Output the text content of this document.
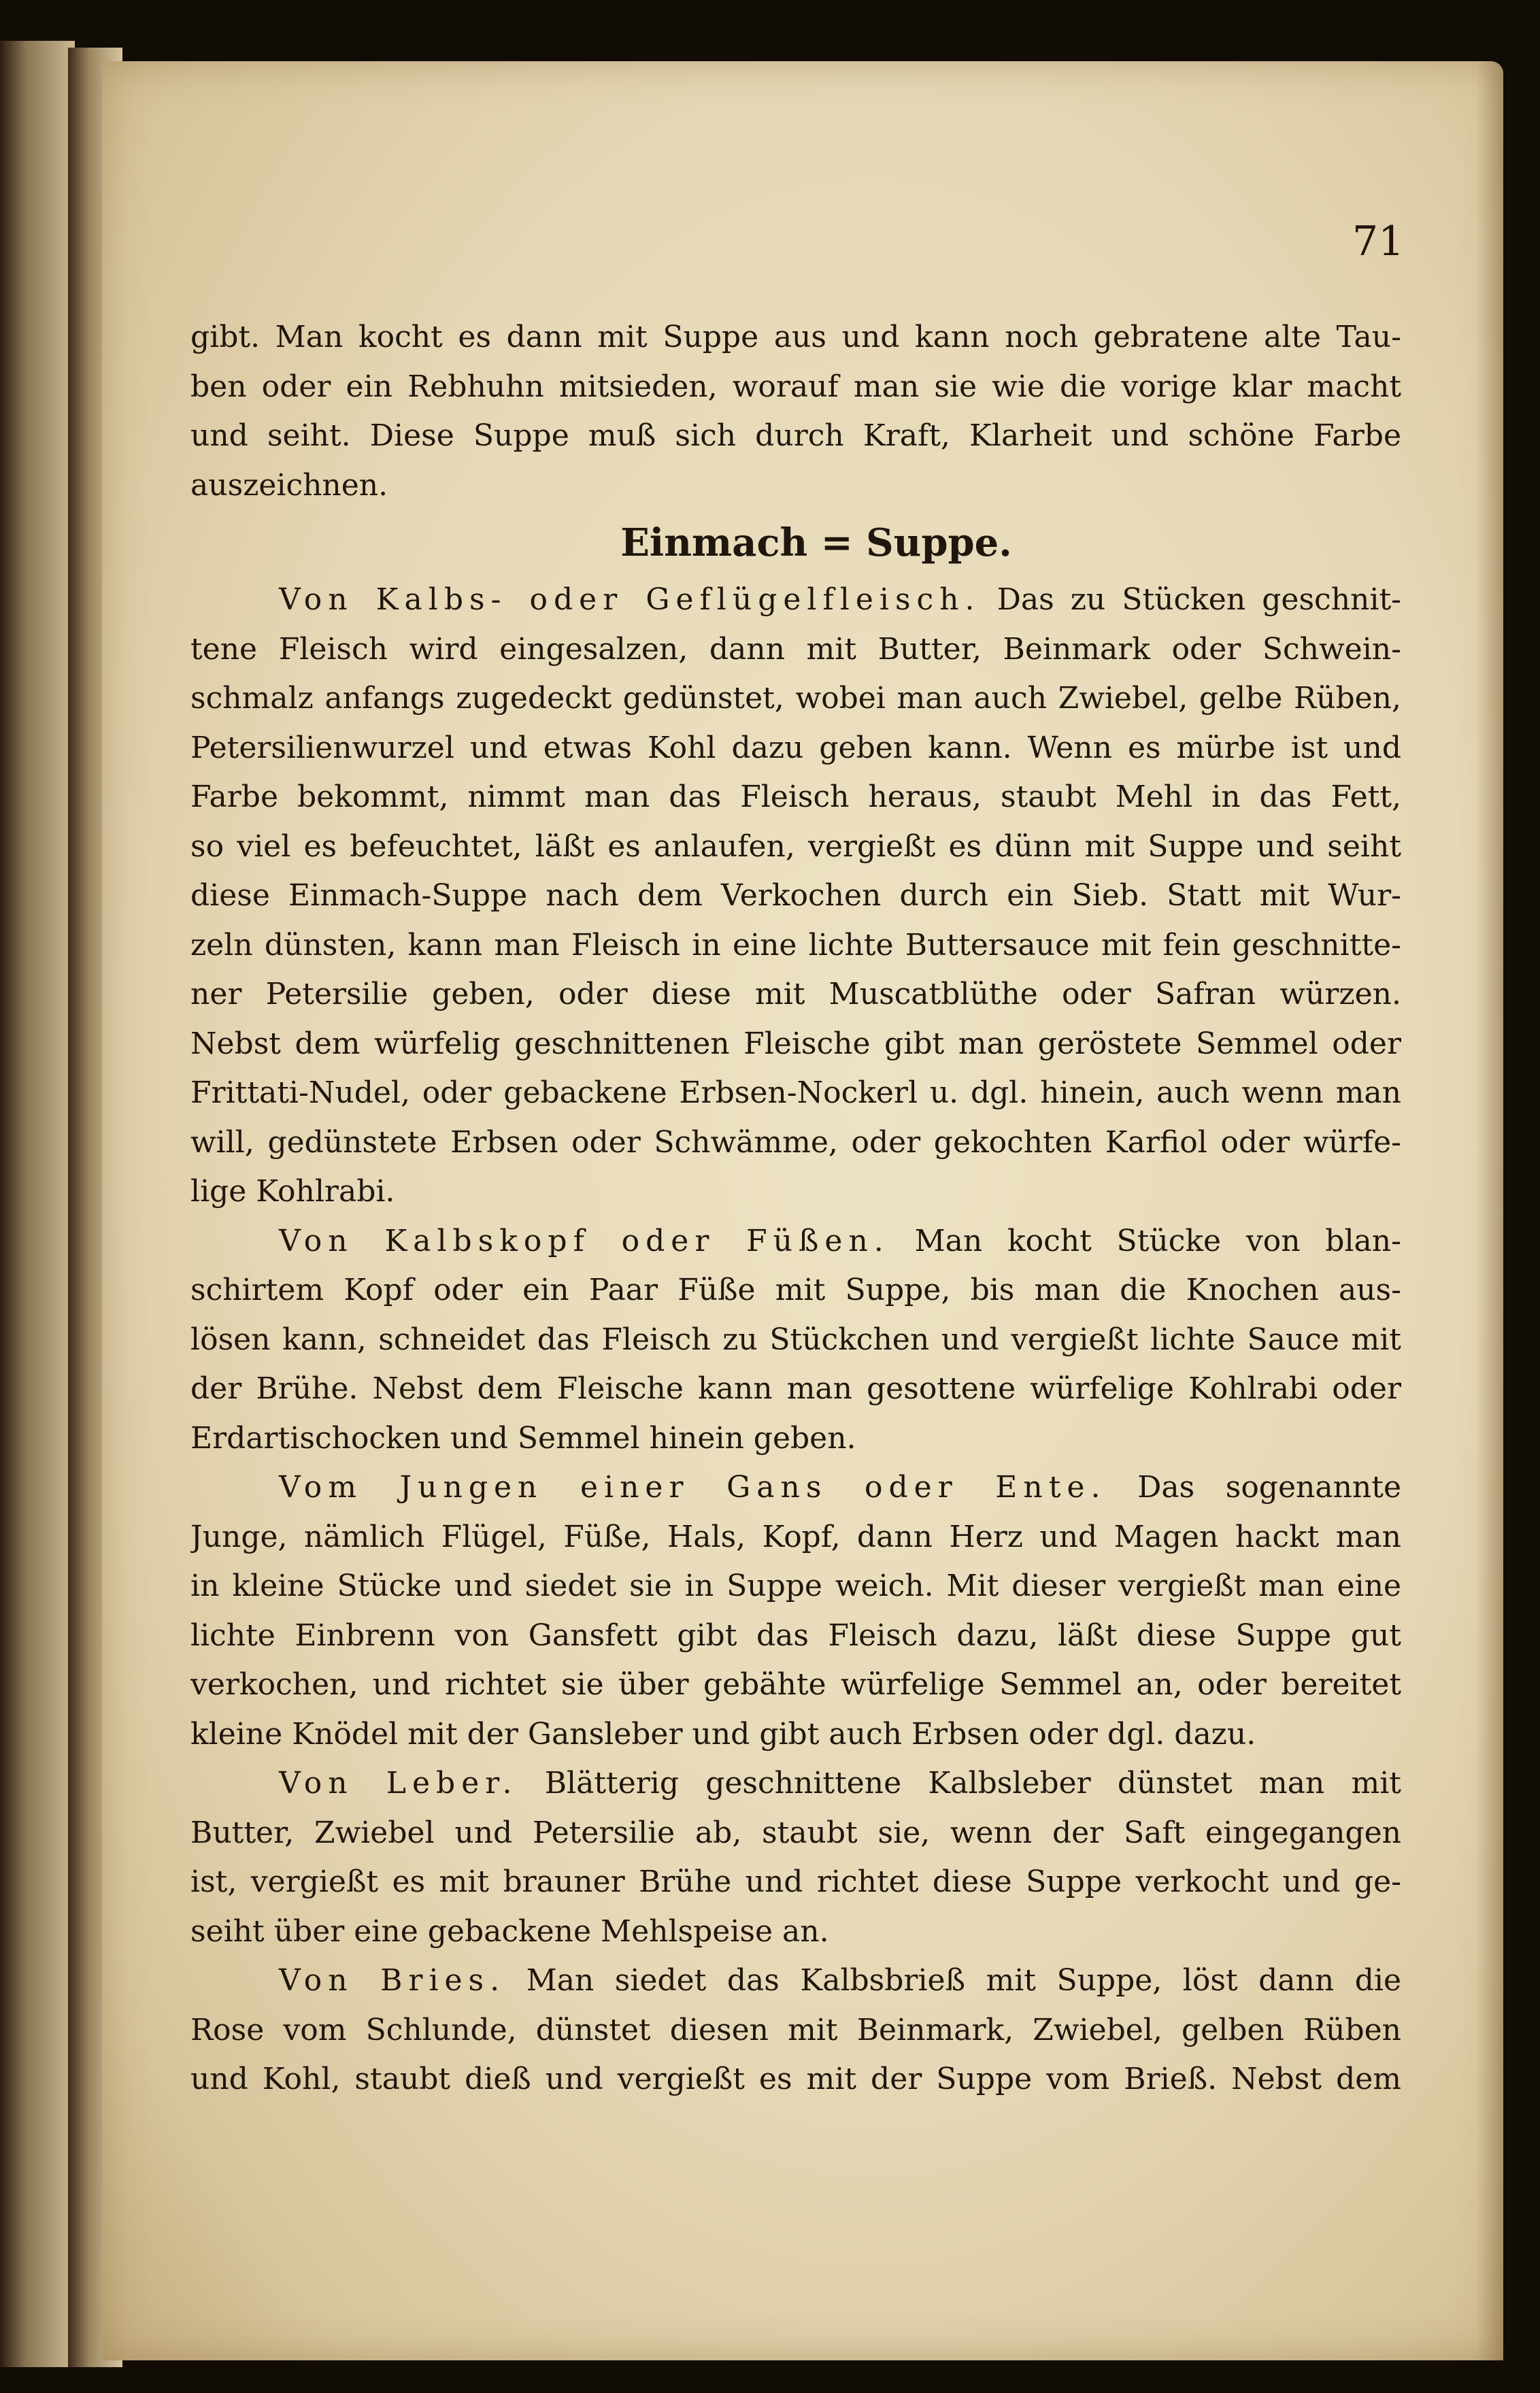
71
gibt. Man kocht es dann mit Suppe aus und kann noch gebratene alte Tau-
ben oder ein Rebhuhn mitsieden, worauf man sie wie die vorige klar macht
und seiht. Diese Suppe muß sich durch Kraft, Klarheit und schöne Farbe
auszeichnen.
Einmach = Suppe.
Von Kalbs- oder Geflügelfleisch. Das zu Stücken geschnit-
tene Fleisch wird eingesalzen, dann mit Butter, Beinmark oder Schwein-
schmalz anfangs zugedeckt gedünstet, wobei man auch Zwiebel, gelbe Rüben,
Petersilienwurzel und etwas Kohl dazu geben kann. Wenn es mürbe ist und
Farbe bekommt, nimmt man das Fleisch heraus, staubt Mehl in das Fett,
so viel es befeuchtet, läßt es anlaufen, vergießt es dünn mit Suppe und seiht
diese Einmach-Suppe nach dem Verkochen durch ein Sieb. Statt mit Wur-
zeln dünsten, kann man Fleisch in eine lichte Buttersauce mit fein geschnitte-
ner Petersilie geben, oder diese mit Muscatblüthe oder Safran würzen.
Nebst dem würfelig geschnittenen Fleische gibt man geröstete Semmel oder
Frittati-Nudel, oder gebackene Erbsen-Nockerl u. dgl. hinein, auch wenn man
will, gedünstete Erbsen oder Schwämme, oder gekochten Karfiol oder würfe-
lige Kohlrabi.
Von Kalbskopf oder Füßen. Man kocht Stücke von blan-
schirtem Kopf oder ein Paar Füße mit Suppe, bis man die Knochen aus-
lösen kann, schneidet das Fleisch zu Stückchen und vergießt lichte Sauce mit
der Brühe. Nebst dem Fleische kann man gesottene würfelige Kohlrabi oder
Erdartischocken und Semmel hinein geben.
Vom Jungen einer Gans oder Ente. Das sogenannte
Junge, nämlich Flügel, Füße, Hals, Kopf, dann Herz und Magen hackt man
in kleine Stücke und siedet sie in Suppe weich. Mit dieser vergießt man eine
lichte Einbrenn von Gansfett gibt das Fleisch dazu, läßt diese Suppe gut
verkochen, und richtet sie über gebähte würfelige Semmel an, oder bereitet
kleine Knödel mit der Gansleber und gibt auch Erbsen oder dgl. dazu.
Von Leber. Blätterig geschnittene Kalbsleber dünstet man mit
Butter, Zwiebel und Petersilie ab, staubt sie, wenn der Saft eingegangen
ist, vergießt es mit brauner Brühe und richtet diese Suppe verkocht und ge-
seiht über eine gebackene Mehlspeise an.
Von Bries. Man siedet das Kalbsbrieß mit Suppe, löst dann die
Rose vom Schlunde, dünstet diesen mit Beinmark, Zwiebel, gelben Rüben
und Kohl, staubt dieß und vergießt es mit der Suppe vom Brieß. Nebst dem
